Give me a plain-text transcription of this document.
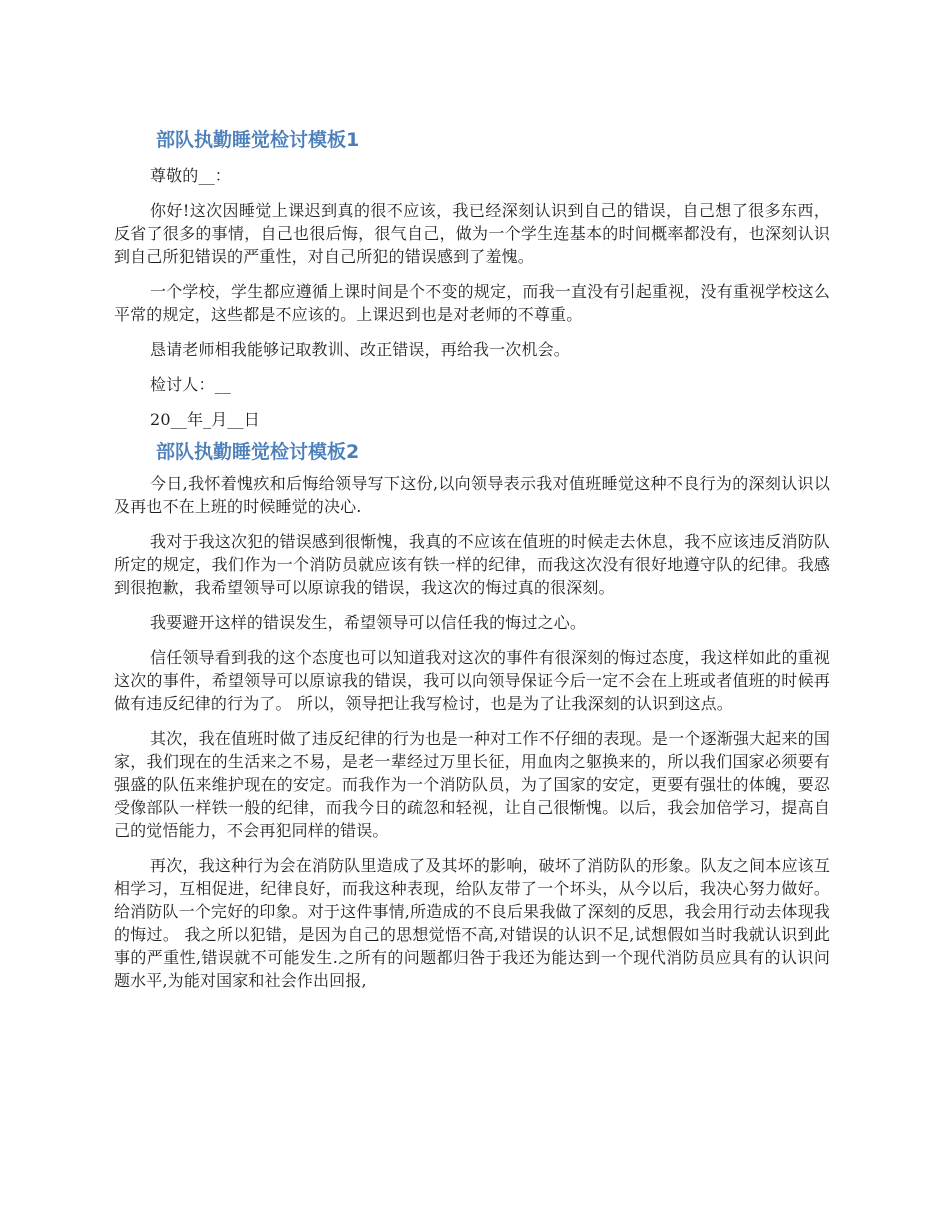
部队执勤睡觉检讨模板1

尊敬的__：

你好!这次因睡觉上课迟到真的很不应该，我已经深刻认识到自己的错误，自己想了很多东西，反省了很多的事情，自己也很后悔，很气自己，做为一个学生连基本的时间概率都没有，也深刻认识到自己所犯错误的严重性，对自己所犯的错误感到了羞愧。

一个学校，学生都应遵循上课时间是个不变的规定，而我一直没有引起重视，没有重视学校这么平常的规定，这些都是不应该的。上课迟到也是对老师的不尊重。

恳请老师相我能够记取教训、改正错误，再给我一次机会。

检讨人：__

20__年_月__日

部队执勤睡觉检讨模板2

今日,我怀着愧疚和后悔给领导写下这份,以向领导表示我对值班睡觉这种不良行为的深刻认识以及再也不在上班的时候睡觉的决心.

我对于我这次犯的错误感到很惭愧，我真的不应该在值班的时候走去休息，我不应该违反消防队所定的规定，我们作为一个消防员就应该有铁一样的纪律，而我这次没有很好地遵守队的纪律。我感到很抱歉，我希望领导可以原谅我的错误，我这次的悔过真的很深刻。

我要避开这样的错误发生，希望领导可以信任我的悔过之心。

信任领导看到我的这个态度也可以知道我对这次的事件有很深刻的悔过态度，我这样如此的重视这次的事件，希望领导可以原谅我的错误，我可以向领导保证今后一定不会在上班或者值班的时候再做有违反纪律的行为了。 所以，领导把让我写检讨，也是为了让我深刻的认识到这点。

其次，我在值班时做了违反纪律的行为也是一种对工作不仔细的表现。是一个逐渐强大起来的国家，我们现在的生活来之不易，是老一辈经过万里长征，用血肉之躯换来的，所以我们国家必须要有强盛的队伍来维护现在的安定。而我作为一个消防队员，为了国家的安定，更要有强壮的体魄，要忍受像部队一样铁一般的纪律，而我今日的疏忽和轻视，让自己很惭愧。以后，我会加倍学习，提高自己的觉悟能力，不会再犯同样的错误。

再次，我这种行为会在消防队里造成了及其坏的影响，破坏了消防队的形象。队友之间本应该互相学习，互相促进，纪律良好，而我这种表现，给队友带了一个坏头，从今以后，我决心努力做好。给消防队一个完好的印象。对于这件事情,所造成的不良后果我做了深刻的反思，我会用行动去体现我的悔过。 我之所以犯错，是因为自己的思想觉悟不高,对错误的认识不足,试想假如当时我就认识到此事的严重性,错误就不可能发生.之所有的问题都归咎于我还为能达到一个现代消防员应具有的认识问题水平,为能对国家和社会作出回报,
